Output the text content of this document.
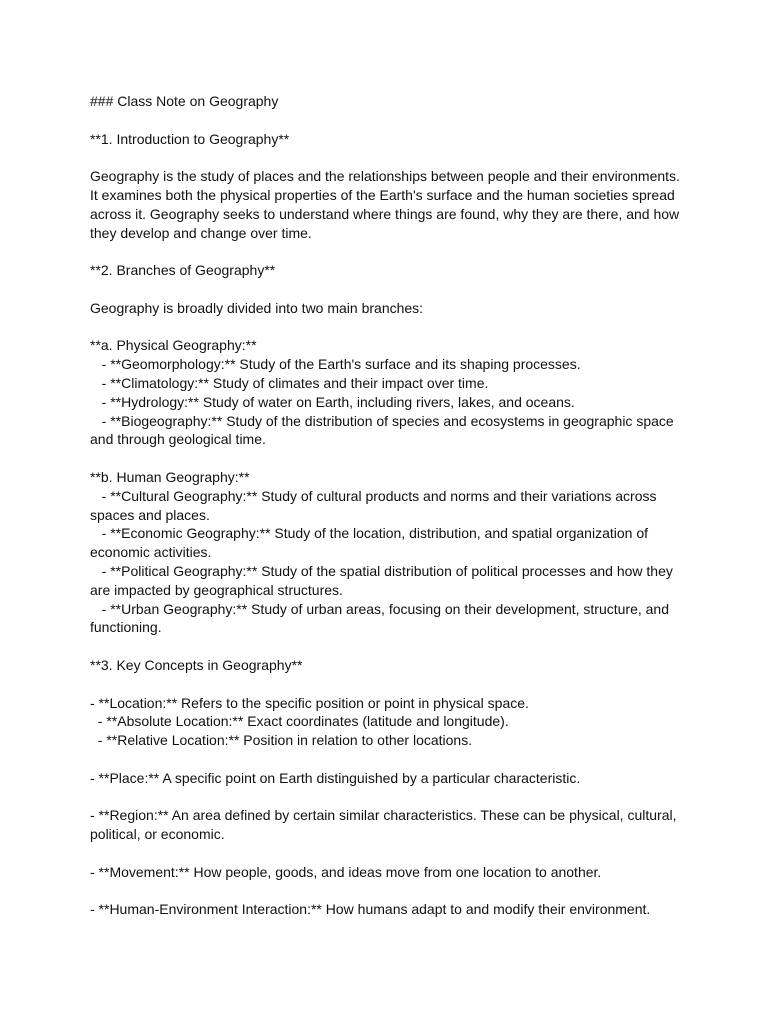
### Class Note on Geography

**1. Introduction to Geography**

Geography is the study of places and the relationships between people and their environments. It examines both the physical properties of the Earth's surface and the human societies spread across it. Geography seeks to understand where things are found, why they are there, and how they develop and change over time.

**2. Branches of Geography**

Geography is broadly divided into two main branches:

**a. Physical Geography:**

- **Geomorphology:** Study of the Earth's surface and its shaping processes.

- **Climatology:** Study of climates and their impact over time.

- **Hydrology:** Study of water on Earth, including rivers, lakes, and oceans.

- **Biogeography:** Study of the distribution of species and ecosystems in geographic space and through geological time.

**b. Human Geography:**

- **Cultural Geography:** Study of cultural products and norms and their variations across spaces and places.

- **Economic Geography:** Study of the location, distribution, and spatial organization of economic activities.

- **Political Geography:** Study of the spatial distribution of political processes and how they are impacted by geographical structures.

- **Urban Geography:** Study of urban areas, focusing on their development, structure, and functioning.

**3. Key Concepts in Geography**

- **Location:** Refers to the specific position or point in physical space.

- **Absolute Location:** Exact coordinates (latitude and longitude).

- **Relative Location:** Position in relation to other locations.

- **Place:** A specific point on Earth distinguished by a particular characteristic.

- **Region:** An area defined by certain similar characteristics. These can be physical, cultural, political, or economic.

- **Movement:** How people, goods, and ideas move from one location to another.

- **Human-Environment Interaction:** How humans adapt to and modify their environment.
